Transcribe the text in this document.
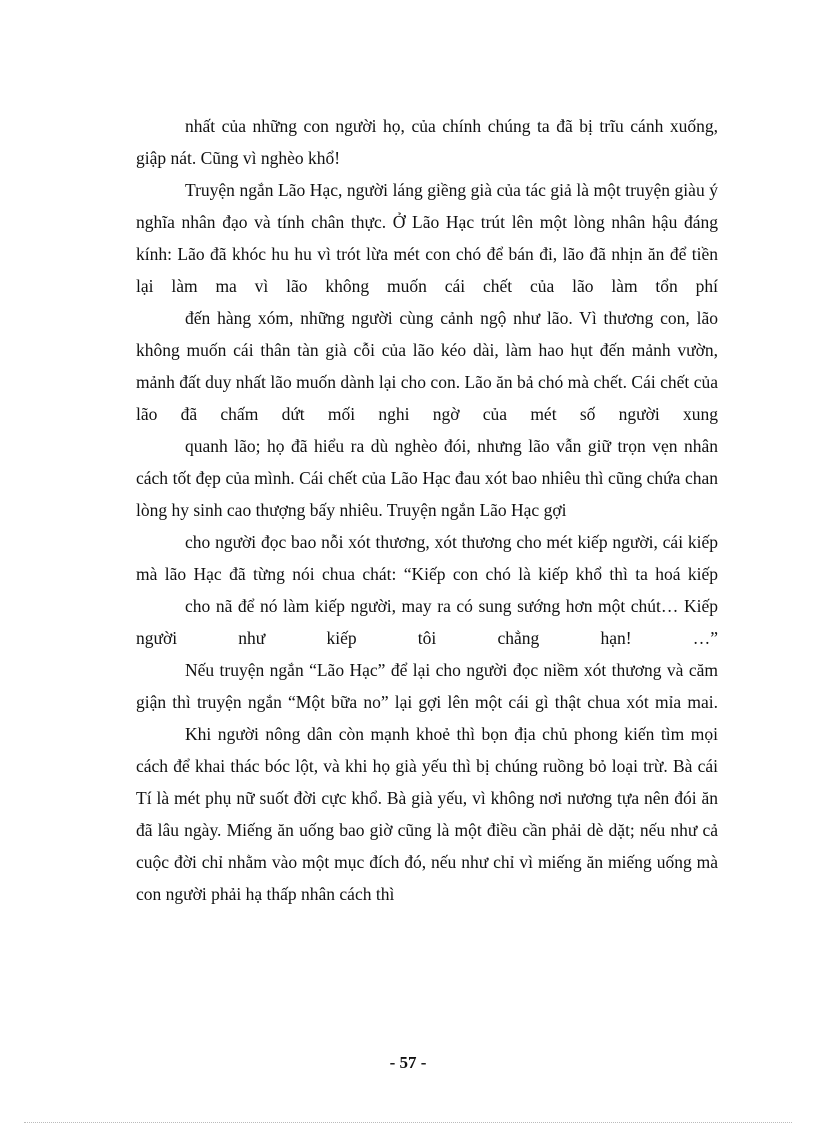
nhất của những con người họ, của chính chúng ta đã bị trĩu cánh xuống, giập nát. Cũng vì nghèo khổ!

Truyện ngắn Lão Hạc, người láng giềng già của tác giả là một truyện giàu ý nghĩa nhân đạo và tính chân thực. Ở Lão Hạc trút lên một lòng nhân hậu đáng kính: Lão đã khóc hu hu vì trót lừa mét con chó để bán đi, lão đã nhịn ăn để tiền lại làm ma vì lão không muốn cái chết của lão làm tổn phí

đến hàng xóm, những người cùng cảnh ngộ như lão. Vì thương con, lão không muốn cái thân tàn già cỗi của lão kéo dài, làm hao hụt đến mảnh vườn, mảnh đất duy nhất lão muốn dành lại cho con. Lão ăn bả chó mà chết. Cái chết của lão đã chấm dứt mối nghi ngờ của mét số người xung

quanh lão; họ đã hiểu ra dù nghèo đói, nhưng lão vẫn giữ trọn vẹn nhân cách tốt đẹp của mình. Cái chết của Lão Hạc đau xót bao nhiêu thì cũng chứa chan lòng hy sinh cao thượng bấy nhiêu. Truyện ngắn Lão Hạc gợi

cho người đọc bao nỗi xót thương, xót thương cho mét kiếp người, cái kiếp mà lão Hạc đã từng nói chua chát: “Kiếp con chó là kiếp khổ thì ta hoá kiếp

cho nã để nó làm kiếp người, may ra có sung sướng hơn một chút… Kiếp người như kiếp tôi chẳng hạn! …”

Nếu truyện ngắn “Lão Hạc” để lại cho người đọc niềm xót thương và căm giận thì truyện ngắn “Một bữa no” lại gợi lên một cái gì thật chua xót mỉa mai.

Khi người nông dân còn mạnh khoẻ thì bọn địa chủ phong kiến tìm mọi cách để khai thác bóc lột, và khi họ già yếu thì bị chúng ruồng bỏ loại trừ. Bà cái Tí là mét phụ nữ suốt đời cực khổ. Bà già yếu, vì không nơi nương tựa nên đói ăn đã lâu ngày. Miếng ăn uống bao giờ cũng là một điều cần phải dè dặt; nếu như cả cuộc đời chỉ nhằm vào một mục đích đó, nếu như chỉ vì miếng ăn miếng uống mà con người phải hạ thấp nhân cách thì

- 57 -
